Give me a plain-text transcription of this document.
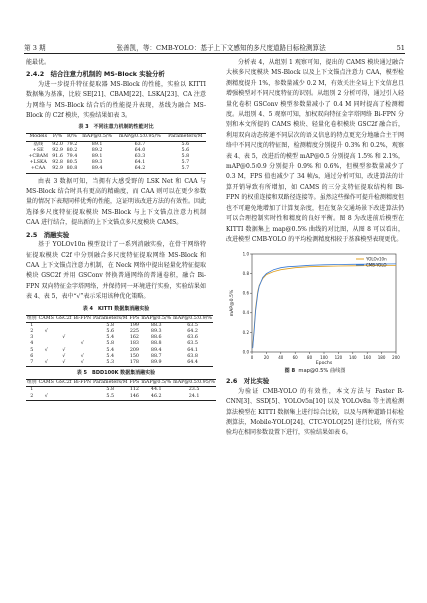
第 3 期	张善凯，等：CMB-YOLO：基于上下文感知的多尺度道路目标检测算法	51

能最优。

2.4.2　结合注意力机制的 MS-Block 实验分析

为进一步提升特征提取器 MS-Block 的性能，实验以 KITTI 数据集为基准，比较 SE[21]、CBAM[22]、LSKA[23]、CA 注意力网络与 MS-Block 结合后的性能提升表现，基线为融合 MS-Block 的 C2f 模块，实验结果如表 3。

表 3　不同注意力机制的性能对比
Models	P/%	R/%	mAP@0.5/%	mAP@0.5∶0.95/%	Parameters/M
基线	92.0	79.2	89.1	63.7	5.6
+SE	92.9	80.2	89.2	64.0	5.6
+CBAM	91.6	79.4	89.1	63.3	5.8
+LSKA	92.8	80.5	89.3	64.1	5.7
+CAA	92.9	80.8	89.4	64.2	5.7

由表 3 数据可知，当拥有大感受野的 LSK Net 和 CAA 与 MS-Block 结合时具有更高的精确度，而 CAA 则可以在更少参数量的情况下表现同样优秀的性能，这证明该改进方法的有效性。因此选择多尺度特征提取模块 MS-Block 与上下文锚点注意力机制 CAA 进行结合，提出新的上下文锚点多尺度模块 CAMS。

2.5　消融实验

基于 YOLOv10n 模型设计了一系列消融实验，在骨干网络特征提取模块 C2f 中分别融合多尺度特征提取网络 MS-Block 和 CAA 上下文锚点注意力机制，在 Neck 网络中提出轻量化特征提取模块 GSC2f 并用 GSConv 替换普通网络的普通卷积，融合 Bi-FPN 双向特征金字塔网络，并保持同一环境进行实验，实验结果如表 4、表 5，表中“√”表示采用该种优化策略。

表 4　KITTI 数据集消融实验
组别	CAMS	GSC2f	Bi-FPN	Parameters/M	FPS	mAP@0.5/%	mAP@0.5∶0.9/%
1				5.8	199	88.3	63.5
2	√			5.6	225	89.3	64.2
3		√		5.4	162	88.6	63.6
4			√	5.8	183	88.8	63.5
5	√	√		5.4	209	89.4	64.1
6		√	√	5.4	150	88.7	63.8
7	√	√	√	5.3	178	89.9	64.4
表 5　BDD100K 数据集消融实验
组别	CAMS	GSC2f	Bi-FPN	Parameters/M	FPS	mAP@0.5/%	mAP@0.5∶0.95/%
1				5.8	112	44.1	23.5
2	√			5.5	146	46.2	24.1

分析表 4，从组别 1 观察可知，提出的 CAMS 模块通过融合大核多尺度模块 MS-Block 以及上下文锚点注意力 CAA，模型检测精度提升 1%，参数量减少 0.2 M，有效关注全局上下文信息且增强模型对不同尺度特征的识别。从组别 2 分析可得，通过引入轻量化卷积 GSConv 模型参数量减小了 0.4 M 同时提高了检测精度。从组别 4、5 观察可知，加权双向特征金字塔网络 Bi-FPN 分别和本文所提的 CAMS 模块、轻量化卷积模块 GSC2f 融合后，利用双向动态传递不同层次的语义信息的特点更充分地融合主干网络中不同尺度的特征图，检测精度分别提升 0.3% 和 0.2%，观察表 4、表 5，改进后的模型 mAP@0.5 分别提高 1.5% 和 2.1%，mAP@0.5∶0.9 分别提升 0.9% 和 0.6%，但模型参数量减少了 0.3 M，FPS 值也减少了 34 帧/s，通过分析可知，改进算法的计算开销导致有所增加，如 CAMS 的三分支特征提取结构和 Bi-FPN 的权重连接和双路径连接等。虽然这些操作可提升检测精度但也不可避免地增加了计算复杂度，但在复杂交通场景下改进算法仍可以合理控制实时性和精度的良好平衡。图 8 为改进前后模型在 KITTI 数据集上 map@0.5% 曲线的对比图，从图 8 可以看出，改进模型 CMB-YOLO 的平均检测精度相较于基准模型表现更优。

0	20 40 60 80 100 120 140 160 180 200
0.0
0.2
0.4
0.6
0.8
1.0
Epochs
mAP@0.5%
YOLOv10n
CMB-YOLO
图 8 map@0.5% 曲线图

2.6　对比实验

为验证 CMB-YOLO 的有效性，本文方法与 Faster R-CNN[3]、SSD[5]、YOLOv5n[10] 以及 YOLOv8n 等主流检测算法模型在 KITTI 数据集上进行综合比较，以及与两种道路目标检测算法，Mobile-YOLO[24]、CTC-YOLO[25] 进行比较，所有实验均在相同参数设置下进行，实验结果如表 6。
